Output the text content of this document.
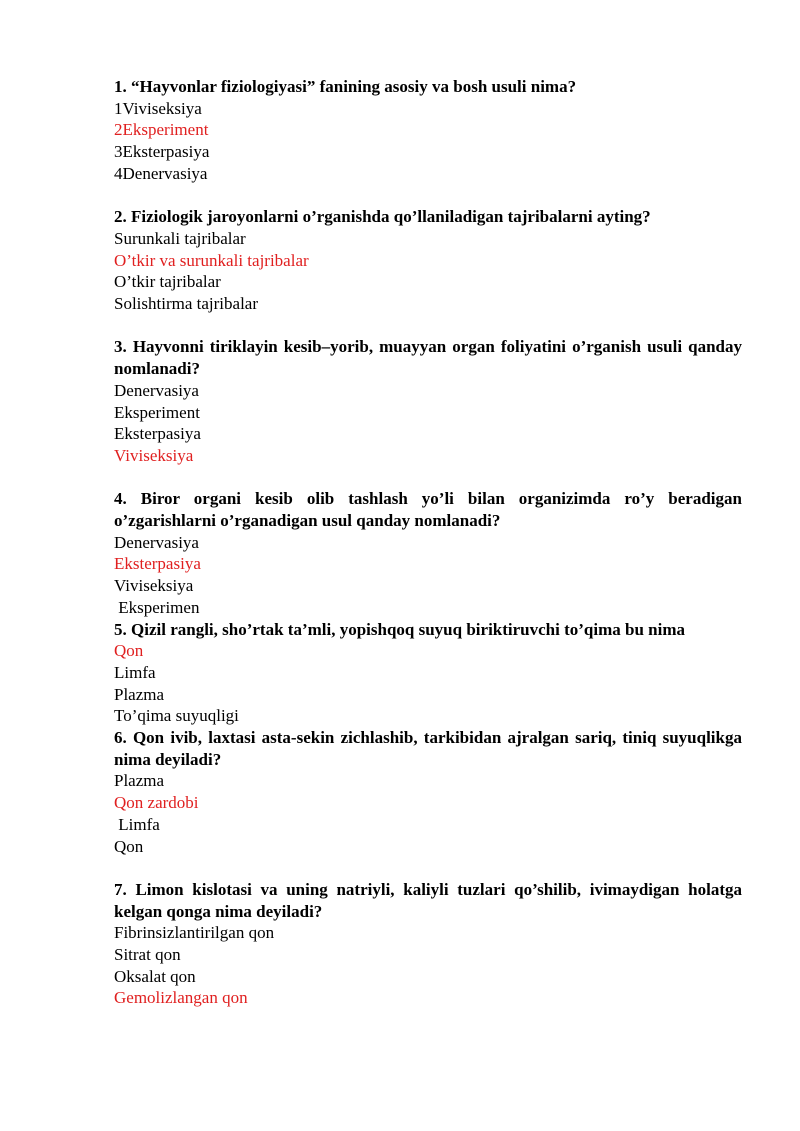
1. “Hayvonlar fiziologiyasi” fanining asosiy va bosh usuli nima?

1Viviseksiya
2Eksperiment
3Eksterpasiya
4Denervasiya

2. Fiziologik jaroyonlarni o’rganishda qo’llaniladigan tajribalarni ayting?

Surunkali tajribalar
O’tkir va surunkali tajribalar
O’tkir tajribalar
Solishtirma tajribalar

3. Hayvonni tiriklayin kesib–yorib, muayyan organ foliyatini o’rganish usuli qanday nomlanadi?

Denervasiya
Eksperiment
Eksterpasiya
Viviseksiya

4. Biror organi kesib olib tashlash yo’li bilan organizimda ro’y beradigan o’zgarishlarni o’rganadigan usul qanday nomlanadi?

Denervasiya
Eksterpasiya
Viviseksiya
Eksperimen

5. Qizil rangli, sho’rtak ta’mli, yopishqoq suyuq biriktiruvchi to’qima bu nima

Qon
Limfa
Plazma
To’qima suyuqligi

6. Qon ivib, laxtasi asta-sekin zichlashib, tarkibidan ajralgan sariq, tiniq suyuqlikga nima deyiladi?

Plazma
Qon zardobi
Limfa
Qon

7. Limon kislotasi va uning natriyli, kaliyli tuzlari qo’shilib, ivimaydigan holatga kelgan qonga nima deyiladi?

Fibrinsizlantirilgan qon
Sitrat qon
Oksalat qon
Gemolizlangan qon
